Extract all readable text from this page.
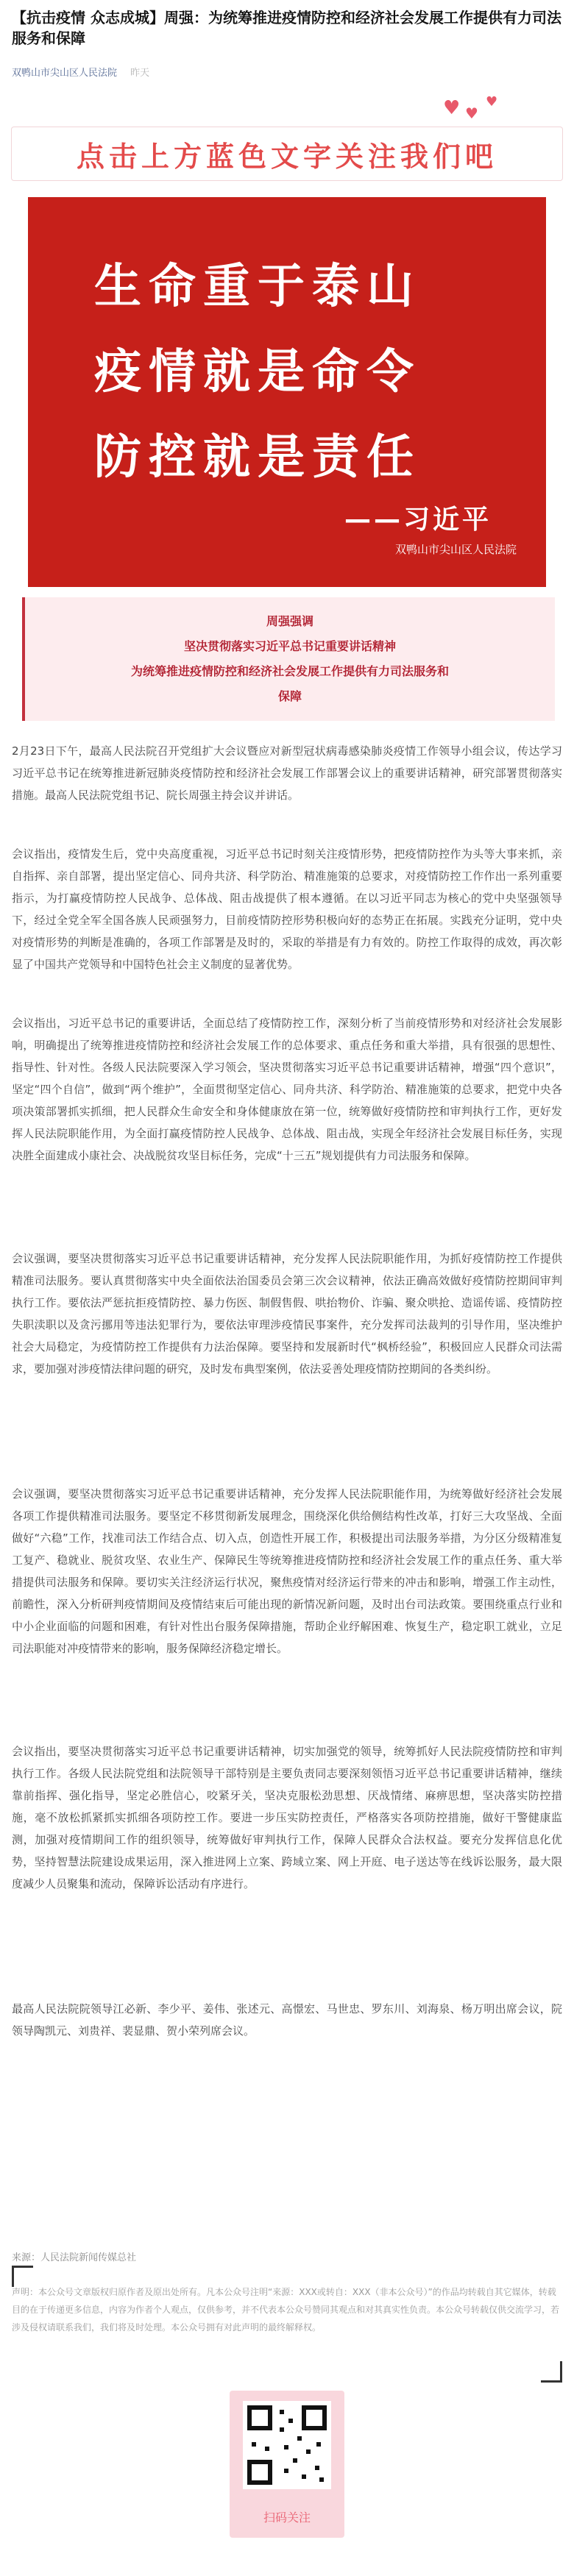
【抗击疫情 众志成城】周强：为统筹推进疫情防控和经济社会发展工作提供有力司法服务和保障
双鸭山市尖山区人民法院 昨天
♥ ♥
♥
点击上方蓝色文字关注我们吧
生命重于泰山
疫情就是命令
防控就是责任
——习近平
双鸭山市尖山区人民法院
周强强调
坚决贯彻落实习近平总书记重要讲话精神
为统筹推进疫情防控和经济社会发展工作提供有力司法服务和
保障
2月23日下午，最高人民法院召开党组扩大会议暨应对新型冠状病毒感染肺炎疫情工作领导小组会议，传达学习习近平总书记在统筹推进新冠肺炎疫情防控和经济社会发展工作部署会议上的重要讲话精神，研究部署贯彻落实措施。最高人民法院党组书记、院长周强主持会议并讲话。
会议指出，疫情发生后，党中央高度重视，习近平总书记时刻关注疫情形势，把疫情防控作为头等大事来抓，亲自指挥、亲自部署，提出坚定信心、同舟共济、科学防治、精准施策的总要求，对疫情防控工作作出一系列重要指示，为打赢疫情防控人民战争、总体战、阻击战提供了根本遵循。在以习近平同志为核心的党中央坚强领导下，经过全党全军全国各族人民顽强努力，目前疫情防控形势积极向好的态势正在拓展。实践充分证明，党中央对疫情形势的判断是准确的，各项工作部署是及时的，采取的举措是有力有效的。防控工作取得的成效，再次彰显了中国共产党领导和中国特色社会主义制度的显著优势。
会议指出，习近平总书记的重要讲话，全面总结了疫情防控工作，深刻分析了当前疫情形势和对经济社会发展影响，明确提出了统筹推进疫情防控和经济社会发展工作的总体要求、重点任务和重大举措，具有很强的思想性、指导性、针对性。各级人民法院要深入学习领会，坚决贯彻落实习近平总书记重要讲话精神，增强“四个意识”，坚定“四个自信”，做到“两个维护”，全面贯彻坚定信心、同舟共济、科学防治、精准施策的总要求，把党中央各项决策部署抓实抓细，把人民群众生命安全和身体健康放在第一位，统筹做好疫情防控和审判执行工作，更好发挥人民法院职能作用，为全面打赢疫情防控人民战争、总体战、阻击战，实现全年经济社会发展目标任务，实现决胜全面建成小康社会、决战脱贫攻坚目标任务，完成“十三五”规划提供有力司法服务和保障。
会议强调，要坚决贯彻落实习近平总书记重要讲话精神，充分发挥人民法院职能作用，为抓好疫情防控工作提供精准司法服务。要认真贯彻落实中央全面依法治国委员会第三次会议精神，依法正确高效做好疫情防控期间审判执行工作。要依法严惩抗拒疫情防控、暴力伤医、制假售假、哄抬物价、诈骗、聚众哄抢、造谣传谣、疫情防控失职渎职以及贪污挪用等违法犯罪行为，要依法审理涉疫情民事案件，充分发挥司法裁判的引导作用，坚决维护社会大局稳定，为疫情防控工作提供有力法治保障。要坚持和发展新时代“枫桥经验”，积极回应人民群众司法需求，要加强对涉疫情法律问题的研究，及时发布典型案例，依法妥善处理疫情防控期间的各类纠纷。
会议强调，要坚决贯彻落实习近平总书记重要讲话精神，充分发挥人民法院职能作用，为统筹做好经济社会发展各项工作提供精准司法服务。要坚定不移贯彻新发展理念，围绕深化供给侧结构性改革，打好三大攻坚战、全面做好“六稳”工作，找准司法工作结合点、切入点，创造性开展工作，积极提出司法服务举措，为分区分级精准复工复产、稳就业、脱贫攻坚、农业生产、保障民生等统筹推进疫情防控和经济社会发展工作的重点任务、重大举措提供司法服务和保障。要切实关注经济运行状况，聚焦疫情对经济运行带来的冲击和影响，增强工作主动性，前瞻性，深入分析研判疫情期间及疫情结束后可能出现的新情况新问题，及时出台司法政策。要围绕重点行业和中小企业面临的问题和困难，有针对性出台服务保障措施，帮助企业纾解困难、恢复生产，稳定职工就业，立足司法职能对冲疫情带来的影响，服务保障经济稳定增长。
会议指出，要坚决贯彻落实习近平总书记重要讲话精神，切实加强党的领导，统筹抓好人民法院疫情防控和审判执行工作。各级人民法院党组和法院领导干部特别是主要负责同志要深刻领悟习近平总书记重要讲话精神，继续靠前指挥、强化指导，坚定必胜信心，咬紧牙关，坚决克服松劲思想、厌战情绪、麻痹思想，坚决落实防控措施，毫不放松抓紧抓实抓细各项防控工作。要进一步压实防控责任，严格落实各项防控措施，做好干警健康监测，加强对疫情期间工作的组织领导，统筹做好审判执行工作，保障人民群众合法权益。要充分发挥信息化优势，坚持智慧法院建设成果运用，深入推进网上立案、跨域立案、网上开庭、电子送达等在线诉讼服务，最大限度减少人员聚集和流动，保障诉讼活动有序进行。
最高人民法院院领导江必新、李少平、姜伟、张述元、高憬宏、马世忠、罗东川、刘海泉、杨万明出席会议，院领导陶凯元、刘贵祥、裴显鼎、贺小荣列席会议。
来源：人民法院新闻传媒总社
声明：本公众号文章版权归原作者及原出处所有。凡本公众号注明“来源：XXX或转自：XXX（非本公众号）”的作品均转载自其它媒体，转载目的在于传递更多信息，内容为作者个人观点，仅供参考，并不代表本公众号赞同其观点和对其真实性负责。本公众号转载仅供交流学习，若涉及侵权请联系我们，我们将及时处理。本公众号拥有对此声明的最终解释权。
扫码关注
